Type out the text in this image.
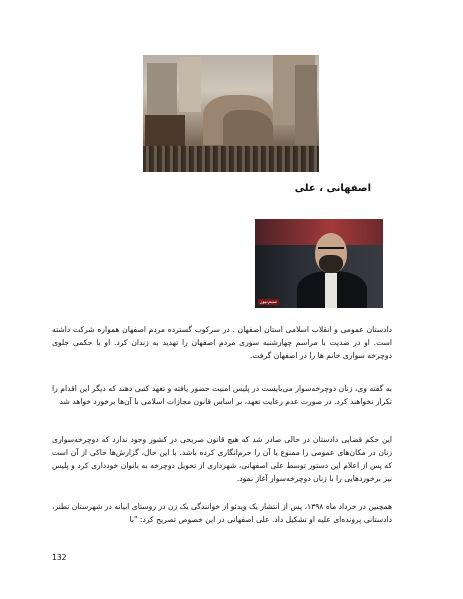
اصفهانی ، علی
سیم‌نیوز
دادستان عمومی و انقلاب اسلامی استان اصفهان . در سرکوب گسترده مردم اصفهان همواره شرکت داشته است. او در ضدیت با مراسم چهارشنبه سوری مردم اصفهان را تهدید به زندان کرد. او با حکمی جلوی دوچرخه سواری خانم ها را در اصفهان گرفت.
به گفته وی، زنان دوچرخه‌سوار می‌بایست در پلیس امنیت حضور یافته و تعهد کتبی دهند که دیگر این اقدام را تکرار نخواهند کرد. در صورت عدم رعایت تعهد، بر اساس قانون مجازات اسلامی با آن‌ها برخورد خواهد شد
این حکم قضایی دادستان در حالی صادر شد که هیچ قانون صریحی در کشور وجود ندارد که دوچرخه‌سواری زنان در مکان‌های عمومی را ممنوع یا آن را جرم‌انگاری کرده باشد. با این حال، گزارش‌ها حاکی از آن است که پس از اعلام این دستور توسط علی اصفهانی، شهرداری از تحویل دوچرخه به بانوان خودداری کرد و پلیس نیز برخوردهایی را با زنان دوچرخه‌سوار آغاز نمود.
همچنین در خرداد ماه ۱۳۹۸، پس از انتشار یک ویدئو از خوانندگی یک زن در روستای ابیانه در شهرستان نطنز، دادستانی پرونده‌ای علیه او تشکیل داد. علی اصفهانی در این خصوص تصریح کرد: "با
132
